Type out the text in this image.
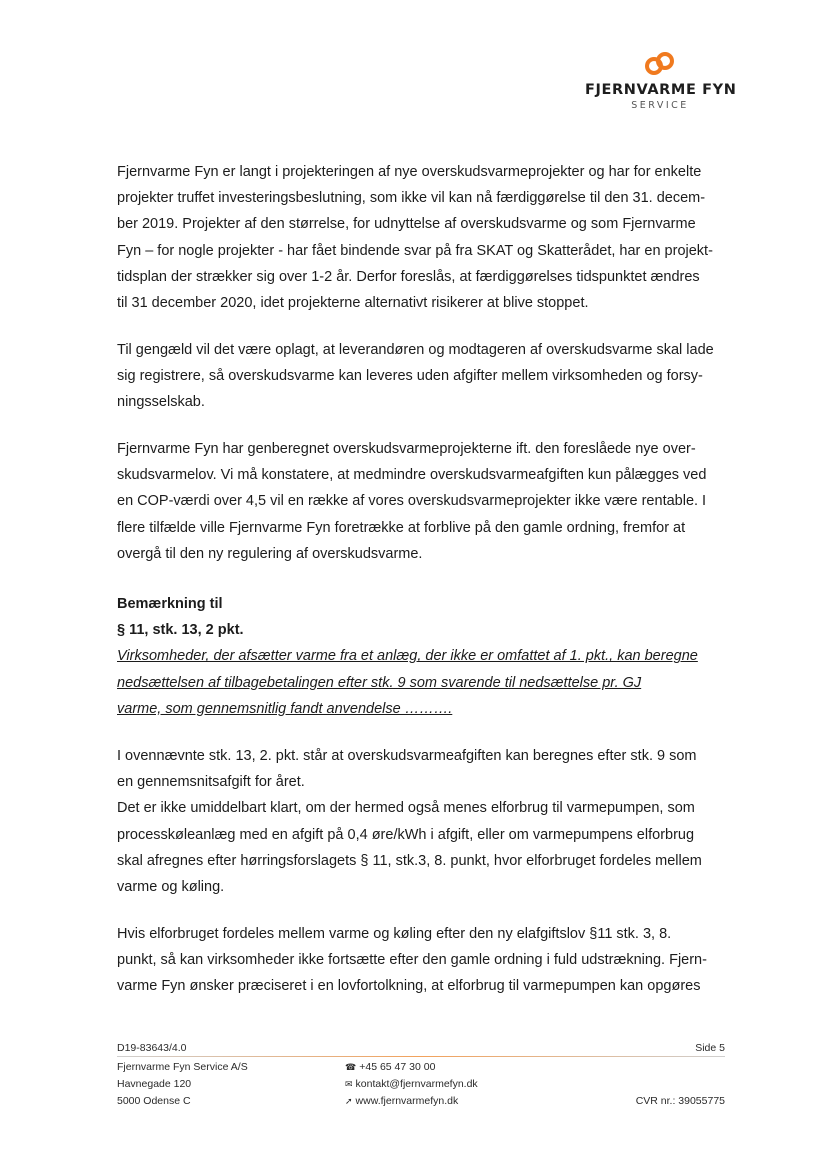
FJERNVARME FYN
SERVICE
Fjernvarme Fyn er langt i projekteringen af nye overskudsvarmeprojekter og har for enkelte
projekter truffet investeringsbeslutning, som ikke vil kan nå færdiggørelse til den 31. decem-
ber 2019. Projekter af den størrelse, for udnyttelse af overskudsvarme og som Fjernvarme
Fyn – for nogle projekter - har fået bindende svar på fra SKAT og Skatterådet, har en projekt-
tidsplan der strækker sig over 1-2 år. Derfor foreslås, at færdiggørelses tidspunktet ændres
til 31 december 2020, idet projekterne alternativt risikerer at blive stoppet.
Til gengæld vil det være oplagt, at leverandøren og modtageren af overskudsvarme skal lade
sig registrere, så overskudsvarme kan leveres uden afgifter mellem virksomheden og forsy-
ningsselskab.
Fjernvarme Fyn har genberegnet overskudsvarmeprojekterne ift. den foreslåede nye over-
skudsvarmelov. Vi må konstatere, at medmindre overskudsvarmeafgiften kun pålægges ved
en COP-værdi over 4,5 vil en række af vores overskudsvarmeprojekter ikke være rentable. I
flere tilfælde ville Fjernvarme Fyn foretrække at forblive på den gamle ordning, fremfor at
overgå til den ny regulering af overskudsvarme.
Bemærkning til
§ 11, stk. 13, 2 pkt.
Virksomheder, der afsætter varme fra et anlæg, der ikke er omfattet af 1. pkt., kan beregne
nedsættelsen af tilbagebetalingen efter stk. 9 som svarende til nedsættelse pr. GJ
varme, som gennemsnitlig fandt anvendelse ……….
I ovennævnte stk. 13, 2. pkt. står at overskudsvarmeafgiften kan beregnes efter stk. 9 som
en gennemsnitsafgift for året.
Det er ikke umiddelbart klart, om der hermed også menes elforbrug til varmepumpen, som
processkøleanlæg med en afgift på 0,4 øre/kWh i afgift, eller om varmepumpens elforbrug
skal afregnes efter hørringsforslagets § 11, stk.3, 8. punkt, hvor elforbruget fordeles mellem
varme og køling.
Hvis elforbruget fordeles mellem varme og køling efter den ny elafgiftslov §11 stk. 3, 8.
punkt, så kan virksomheder ikke fortsætte efter den gamle ordning i fuld udstrækning. Fjern-
varme Fyn ønsker præciseret i en lovfortolkning, at elforbrug til varmepumpen kan opgøres
D19-83643/4.0	Side 5
Fjernvarme Fyn Service A/S
Havnegade 120
5000 Odense C
☎ +45 65 47 30 00
✉ kontakt@fjernvarmefyn.dk
➚ www.fjernvarmefyn.dk	CVR nr.: 39055775
